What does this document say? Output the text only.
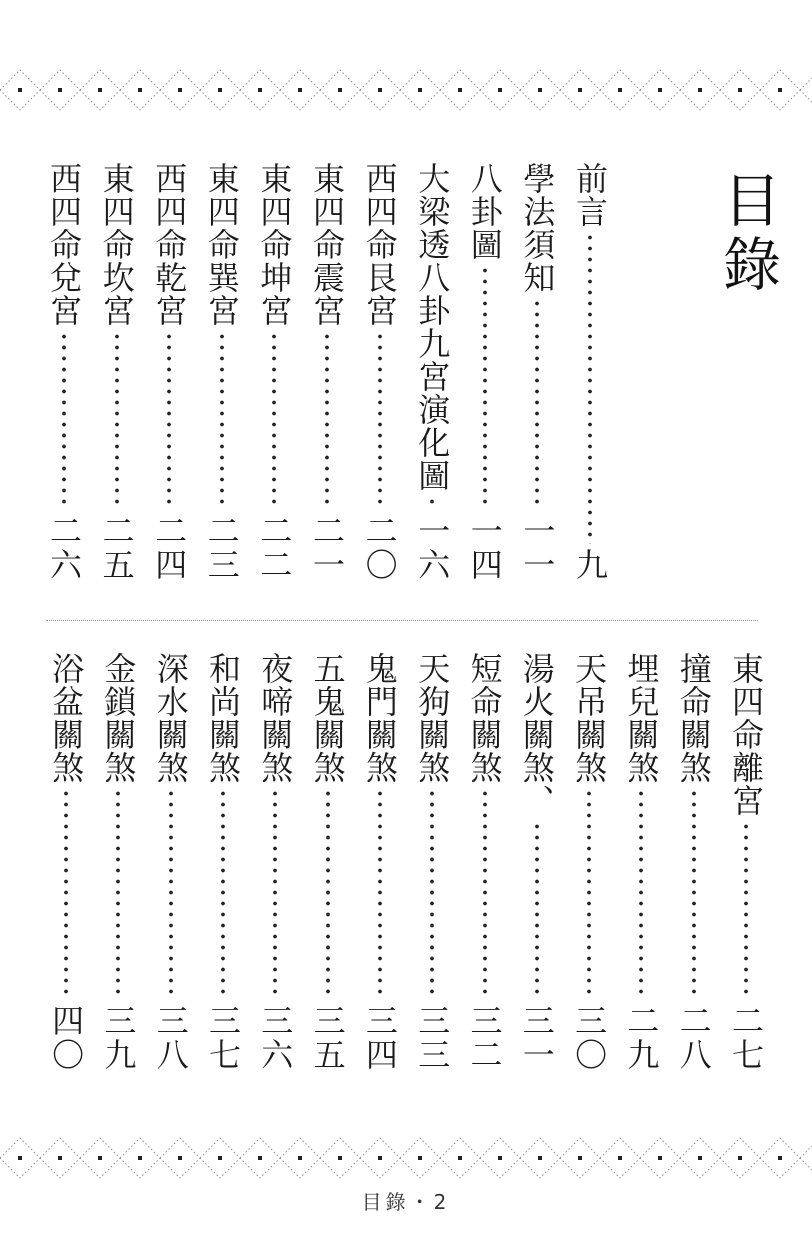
目錄
前言
九
學法須知
一一
八卦圖
一四
大梁透八卦九宮演化圖
一六
西四命艮宮
二〇
東四命震宮
二一
東四命坤宮
二二
東四命巽宮
二三
西四命乾宮
二四
東四命坎宮
二五
西四命兌宮
二六
東四命離宮
二七
撞命關煞
二八
埋兒關煞
二九
天吊關煞
三〇
湯火關煞、
三一
短命關煞
三二
天狗關煞
三三
鬼門關煞
三四
五鬼關煞
三五
夜啼關煞
三六
和尚關煞
三七
深水關煞
三八
金鎖關煞
三九
浴盆關煞
四〇
目錄・2
